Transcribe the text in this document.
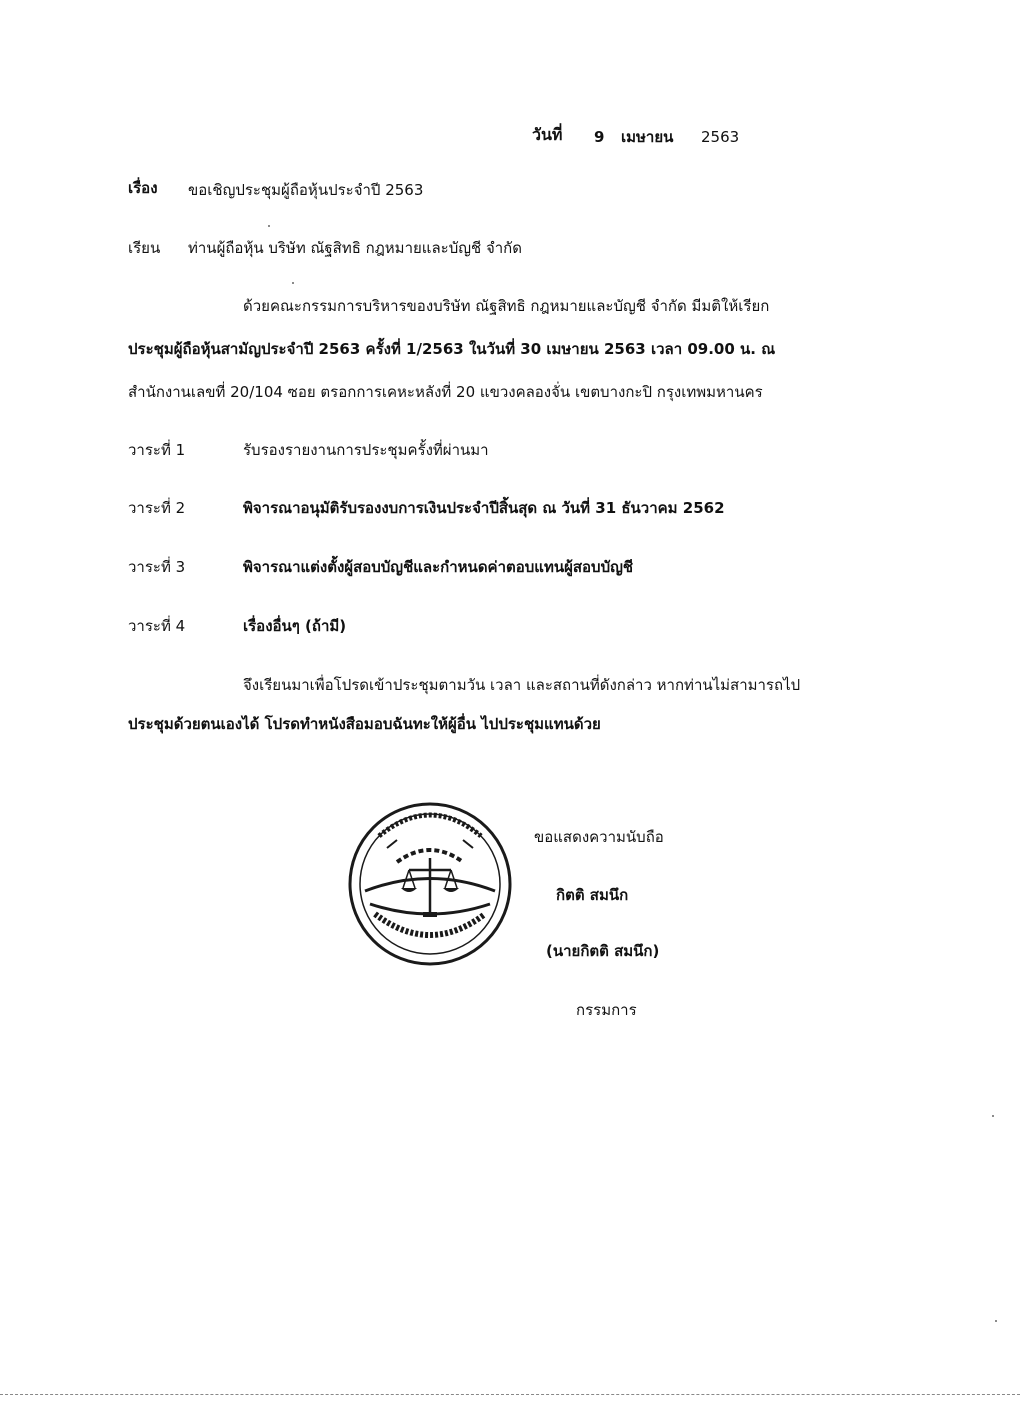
วันที่ 9 เมษายน 2563
เรื่อง ขอเชิญประชุมผู้ถือหุ้นประจำปี 2563
เรียน ท่านผู้ถือหุ้น บริษัท ณัฐสิทธิ กฎหมายและบัญชี จำกัด
ด้วยคณะกรรมการบริหารของบริษัท ณัฐสิทธิ กฎหมายและบัญชี จำกัด มีมติให้เรียก
ประชุมผู้ถือหุ้นสามัญประจำปี 2563 ครั้งที่ 1/2563 ในวันที่ 30 เมษายน 2563 เวลา 09.00 น. ณ
สำนักงานเลขที่ 20/104 ซอย ตรอกการเคหะหลังที่ 20 แขวงคลองจั่น เขตบางกะปิ กรุงเทพมหานคร
วาระที่ 1	รับรองรายงานการประชุมครั้งที่ผ่านมา
วาระที่ 2	พิจารณาอนุมัติรับรองงบการเงินประจำปีสิ้นสุด ณ วันที่ 31 ธันวาคม 2562
วาระที่ 3	พิจารณาแต่งตั้งผู้สอบบัญชีและกำหนดค่าตอบแทนผู้สอบบัญชี
วาระที่ 4	เรื่องอื่นๆ (ถ้ามี)
จึงเรียนมาเพื่อโปรดเข้าประชุมตามวัน เวลา และสถานที่ดังกล่าว หากท่านไม่สามารถไป
ประชุมด้วยตนเองได้ โปรดทำหนังสือมอบฉันทะให้ผู้อื่น ไปประชุมแทนด้วย
ขอแสดงความนับถือ
กิตติ สมนึก
(นายกิตติ สมนึก)
กรรมการ
